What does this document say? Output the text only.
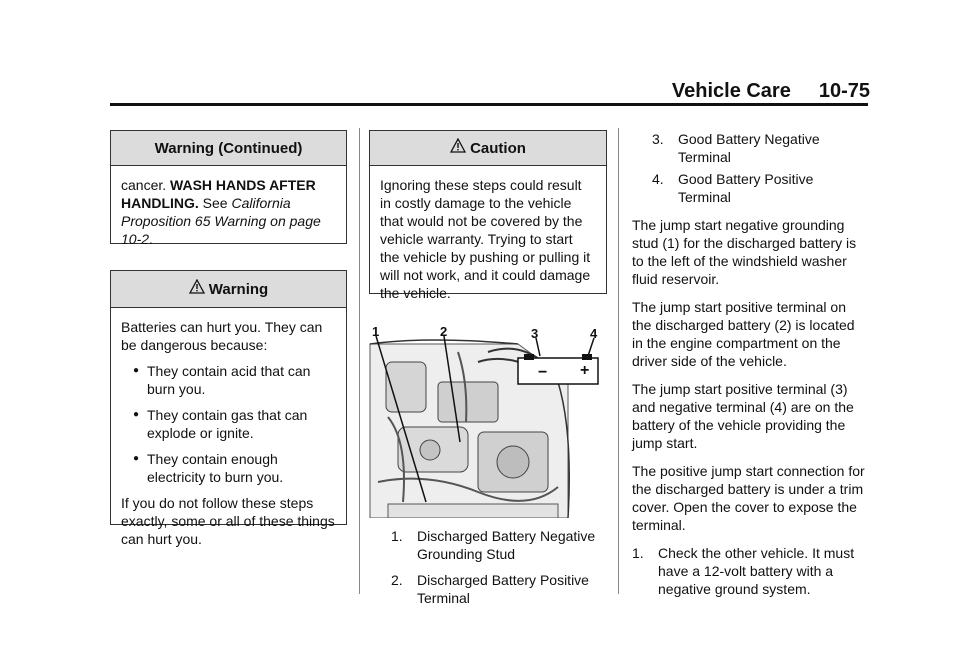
Vehicle Care 10-75
Warning (Continued)
cancer. WASH HANDS AFTER HANDLING. See California Proposition 65 Warning on page 10-2.
Warning

Batteries can hurt you. They can be dangerous because:

● They contain acid that can burn you.
● They contain gas that can explode or ignite.
● They contain enough electricity to burn you.

If you do not follow these steps exactly, some or all of these things can hurt you.

Caution
Ignoring these steps could result in costly damage to the vehicle that would not be covered by the vehicle warranty. Trying to start the vehicle by pushing or pulling it will not work, and it could damage the vehicle.
1	2	3	4
− +
1. Discharged Battery Negative Grounding Stud
2. Discharged Battery Positive Terminal
3. Good Battery Negative Terminal
4. Good Battery Positive Terminal

The jump start negative grounding stud (1) for the discharged battery is to the left of the windshield washer fluid reservoir.

The jump start positive terminal on the discharged battery (2) is located in the engine compartment on the driver side of the vehicle.

The jump start positive terminal (3) and negative terminal (4) are on the battery of the vehicle providing the jump start.

The positive jump start connection for the discharged battery is under a trim cover. Open the cover to expose the terminal.

1. Check the other vehicle. It must have a 12-volt battery with a negative ground system.
